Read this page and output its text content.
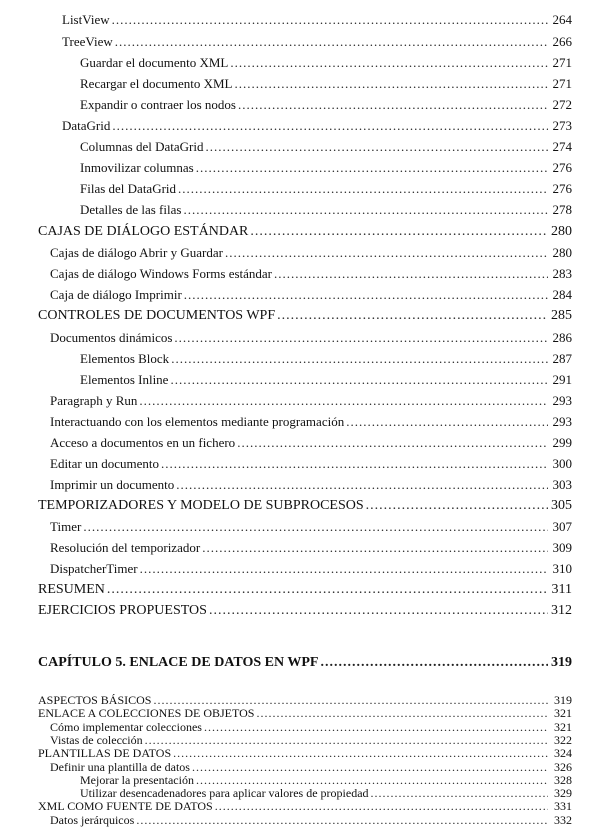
ListView .....	264
TreeView .....	266
Guardar el documento XML .....	271
Recargar el documento XML .....	271
Expandir o contraer los nodos .....	272
DataGrid .....	273
Columnas del DataGrid .....	274
Inmovilizar columnas .....	276
Filas del DataGrid .....	276
Detalles de las filas .....	278
CAJAS DE DIÁLOGO ESTÁNDAR .....	280
Cajas de diálogo Abrir y Guardar .....	280
Cajas de diálogo Windows Forms estándar .....	283
Caja de diálogo Imprimir .....	284
CONTROLES DE DOCUMENTOS WPF .....	285
Documentos dinámicos .....	286
Elementos Block .....	287
Elementos Inline .....	291
Paragraph y Run .....	293
Interactuando con los elementos mediante programación .....	293
Acceso a documentos en un fichero .....	299
Editar un documento .....	300
Imprimir un documento .....	303
TEMPORIZADORES Y MODELO DE SUBPROCESOS .....	305
Timer .....	307
Resolución del temporizador .....	309
DispatcherTimer .....	310
RESUMEN .....	311
EJERCICIOS PROPUESTOS .....	312
CAPÍTULO 5. ENLACE DE DATOS EN WPF .....	319
ASPECTOS BÁSICOS .....	319
ENLACE A COLECCIONES DE OBJETOS .....	321
Cómo implementar colecciones .....	321
Vistas de colección .....	322
PLANTILLAS DE DATOS .....	324
Definir una plantilla de datos .....	326
Mejorar la presentación .....	328
Utilizar desencadenadores para aplicar valores de propiedad .....	329
XML COMO FUENTE DE DATOS .....	331
Datos jerárquicos .....	332
